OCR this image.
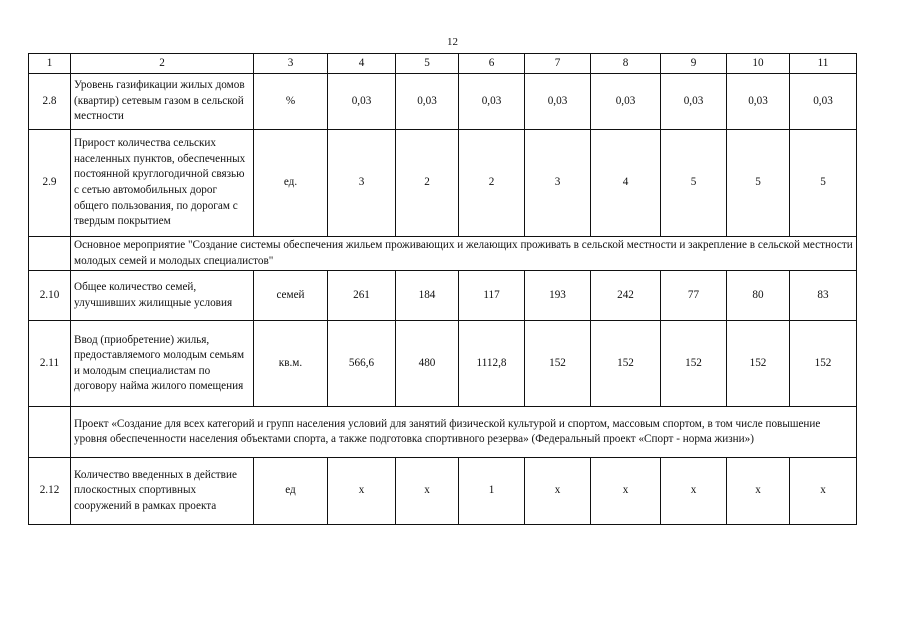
12
1	2	3	4	5	6	7	8	9	10	11
2.8	Уровень газификации жилых домов (квартир) сетевым газом в сельской местности	%	0,03	0,03	0,03	0,03	0,03	0,03	0,03	0,03
2.9	Прирост количества сельских населенных пунктов, обеспеченных постоянной круглогодичной связью с сетью автомобильных дорог общего пользования, по дорогам с твердым покрытием	ед.	3	2	2	3	4	5	5	5
	Основное мероприятие "Создание системы обеспечения жильем проживающих и желающих проживать в сельской местности и закрепление в сельской местности молодых семей и молодых специалистов"									
2.10	Общее количество семей, улучшивших жилищные условия	семей	261	184	117	193	242	77	80	83
2.11	Ввод (приобретение) жилья, предоставляемого молодым семьям и молодым специалистам по договору найма жилого помещения	кв.м.	566,6	480	1112,8	152	152	152	152	152
	Проект «Создание для всех категорий и групп населения условий для занятий физической культурой и спортом, массовым спортом, в том числе повышение уровня обеспеченности населения объектами спорта, а также подготовка спортивного резерва» (Федеральный проект «Спорт - норма жизни»)									
2.12	Количество введенных в действие плоскостных спортивных сооружений в рамках проекта	ед	х	х	1	х	х	х	х	х
